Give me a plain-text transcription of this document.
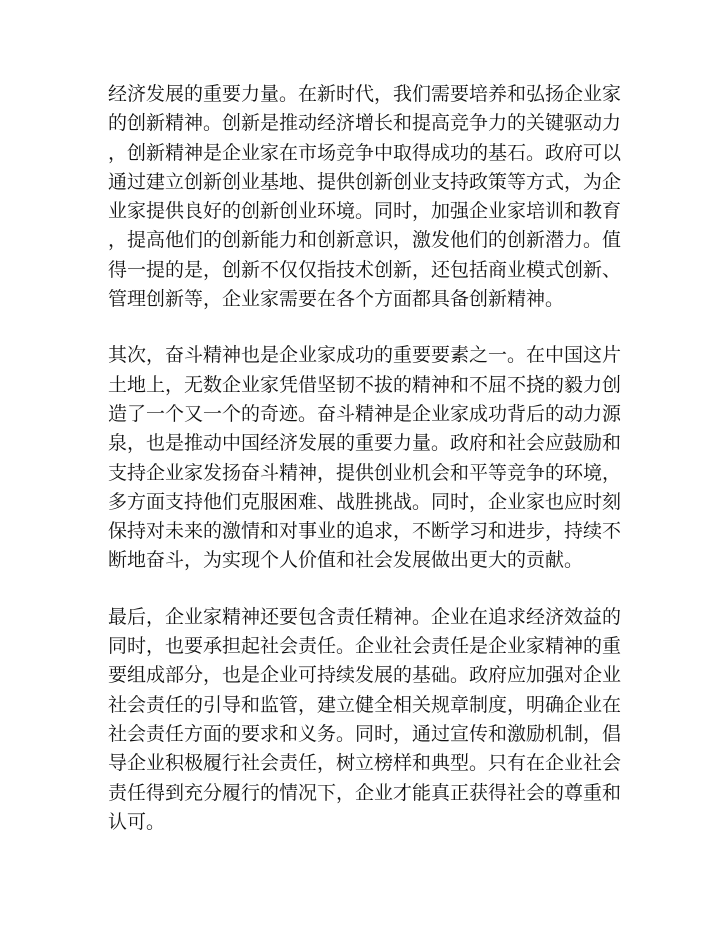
经济发展的重要力量。在新时代，我们需要培养和弘扬企业家
的创新精神。创新是推动经济增长和提高竞争力的关键驱动力
，创新精神是企业家在市场竞争中取得成功的基石。政府可以
通过建立创新创业基地、提供创新创业支持政策等方式，为企
业家提供良好的创新创业环境。同时，加强企业家培训和教育
，提高他们的创新能力和创新意识，激发他们的创新潜力。值
得一提的是，创新不仅仅指技术创新，还包括商业模式创新、
管理创新等，企业家需要在各个方面都具备创新精神。
其次，奋斗精神也是企业家成功的重要要素之一。在中国这片
土地上，无数企业家凭借坚韧不拔的精神和不屈不挠的毅力创
造了一个又一个的奇迹。奋斗精神是企业家成功背后的动力源
泉，也是推动中国经济发展的重要力量。政府和社会应鼓励和
支持企业家发扬奋斗精神，提供创业机会和平等竞争的环境，
多方面支持他们克服困难、战胜挑战。同时，企业家也应时刻
保持对未来的激情和对事业的追求，不断学习和进步，持续不
断地奋斗，为实现个人价值和社会发展做出更大的贡献。
最后，企业家精神还要包含责任精神。企业在追求经济效益的
同时，也要承担起社会责任。企业社会责任是企业家精神的重
要组成部分，也是企业可持续发展的基础。政府应加强对企业
社会责任的引导和监管，建立健全相关规章制度，明确企业在
社会责任方面的要求和义务。同时，通过宣传和激励机制，倡
导企业积极履行社会责任，树立榜样和典型。只有在企业社会
责任得到充分履行的情况下，企业才能真正获得社会的尊重和
认可。
